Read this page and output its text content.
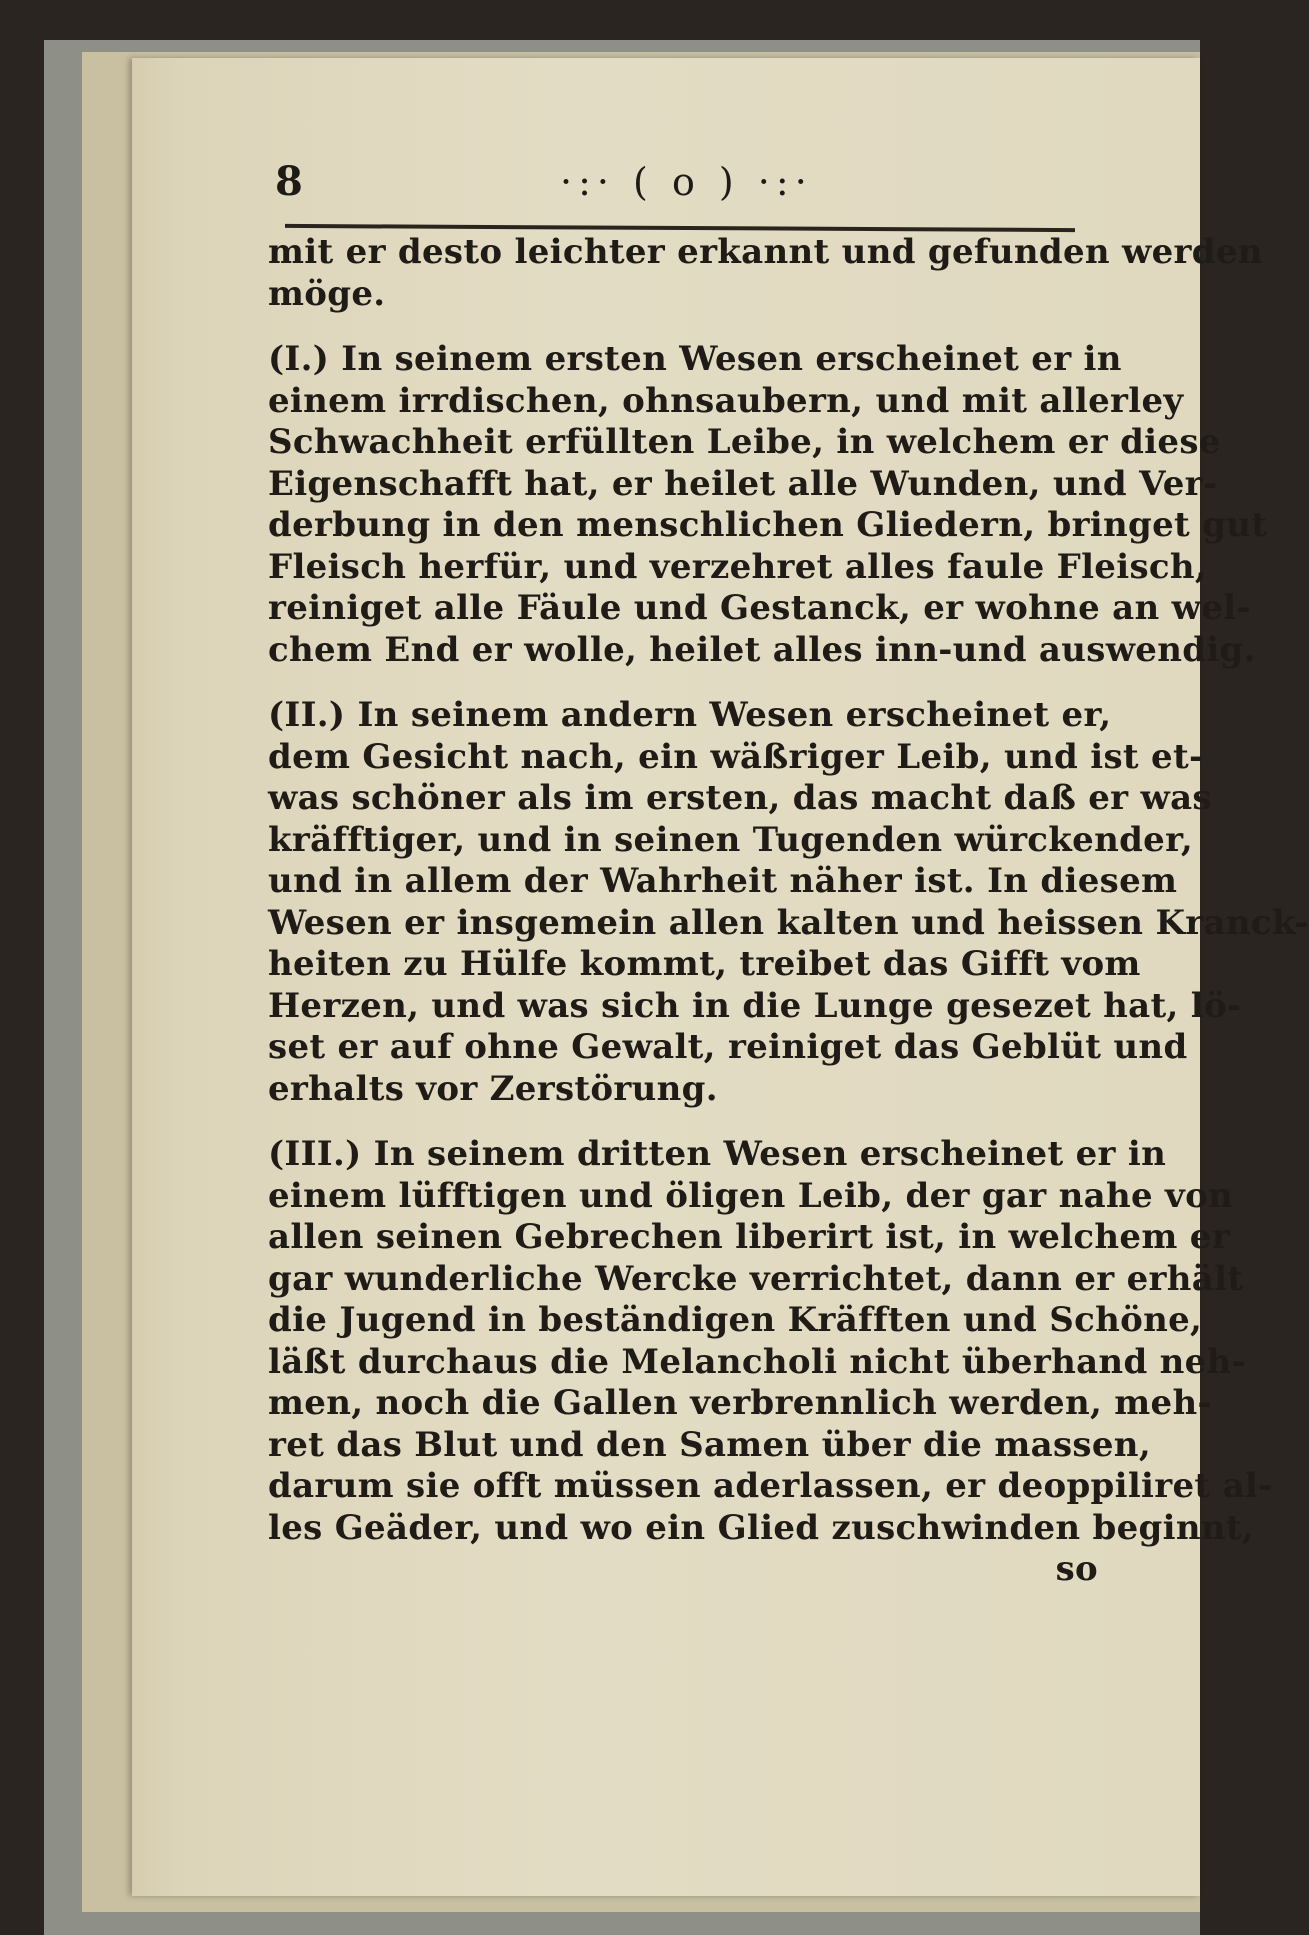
8	·:· ( o ) ·:·
mit er desto leichter erkannt und gefunden werden
möge.
(I.) In seinem ersten Wesen erscheinet er in
einem irrdischen, ohnsaubern, und mit allerley
Schwachheit erfüllten Leibe, in welchem er diese
Eigenschafft hat, er heilet alle Wunden, und Ver-
derbung in den menschlichen Gliedern, bringet gut
Fleisch herfür, und verzehret alles faule Fleisch,
reiniget alle Fäule und Gestanck, er wohne an wel-
chem End er wolle, heilet alles inn-und auswendig.
(II.) In seinem andern Wesen erscheinet er,
dem Gesicht nach, ein wäßriger Leib, und ist et-
was schöner als im ersten, das macht daß er was
kräfftiger, und in seinen Tugenden würckender,
und in allem der Wahrheit näher ist. In diesem
Wesen er insgemein allen kalten und heissen Kranck-
heiten zu Hülfe kommt, treibet das Gifft vom
Herzen, und was sich in die Lunge gesezet hat, lö-
set er auf ohne Gewalt, reiniget das Geblüt und
erhalts vor Zerstörung.
(III.) In seinem dritten Wesen erscheinet er in
einem lüfftigen und öligen Leib, der gar nahe von
allen seinen Gebrechen liberirt ist, in welchem er
gar wunderliche Wercke verrichtet, dann er erhält
die Jugend in beständigen Kräfften und Schöne,
läßt durchaus die Melancholi nicht überhand neh-
men, noch die Gallen verbrennlich werden, meh-
ret das Blut und den Samen über die massen,
darum sie offt müssen aderlassen, er deoppiliret al-
les Geäder, und wo ein Glied zuschwinden beginnt,
so
